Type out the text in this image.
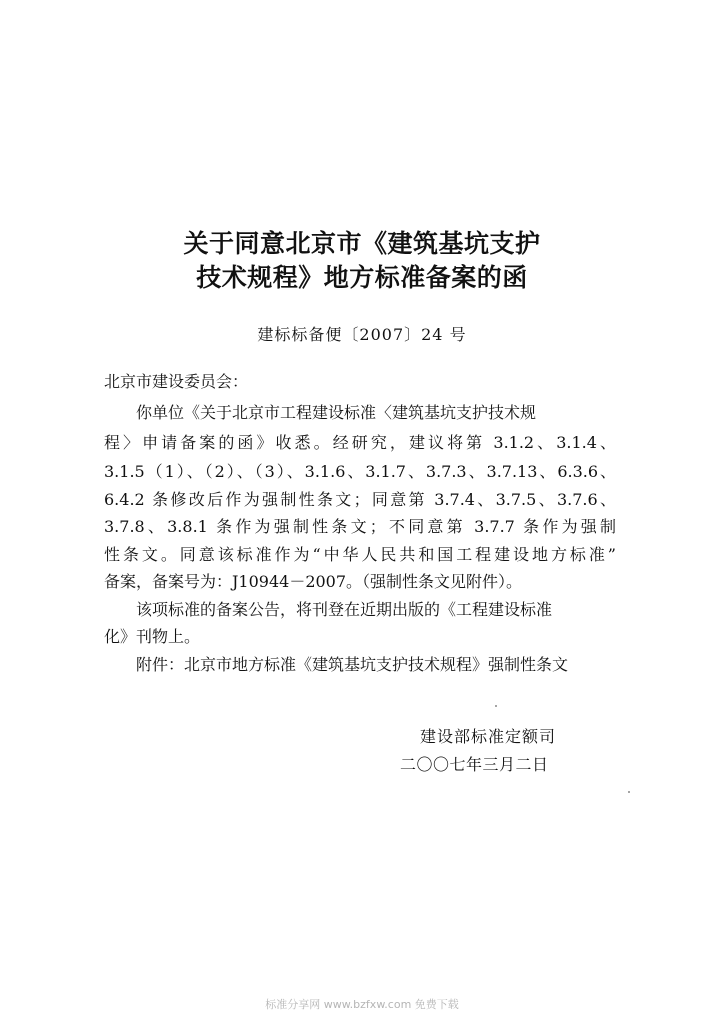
关于同意北京市《建筑基坑支护
技术规程》地方标准备案的函
建标标备便〔2007〕24 号
北京市建设委员会：
你单位《关于北京市工程建设标准〈建筑基坑支护技术规
程〉申请备案的函》收悉。经研究，建议将第 3.1.2、3.1.4、
3.1.5（1）、（2）、（3）、3.1.6、3.1.7、3.7.3、3.7.13、6.3.6、
6.4.2 条修改后作为强制性条文；同意第 3.7.4、3.7.5、3.7.6、
3.7.8、3.8.1 条作为强制性条文；不同意第 3.7.7 条作为强制
性条文。同意该标准作为“中华人民共和国工程建设地方标准”
备案，备案号为：J10944－2007。（强制性条文见附件）。
该项标准的备案公告，将刊登在近期出版的《工程建设标准
化》刊物上。
附件：北京市地方标准《建筑基坑支护技术规程》强制性条文
建设部标准定额司
二〇〇七年三月二日
标准分享网 www.bzfxw.com 免费下载
